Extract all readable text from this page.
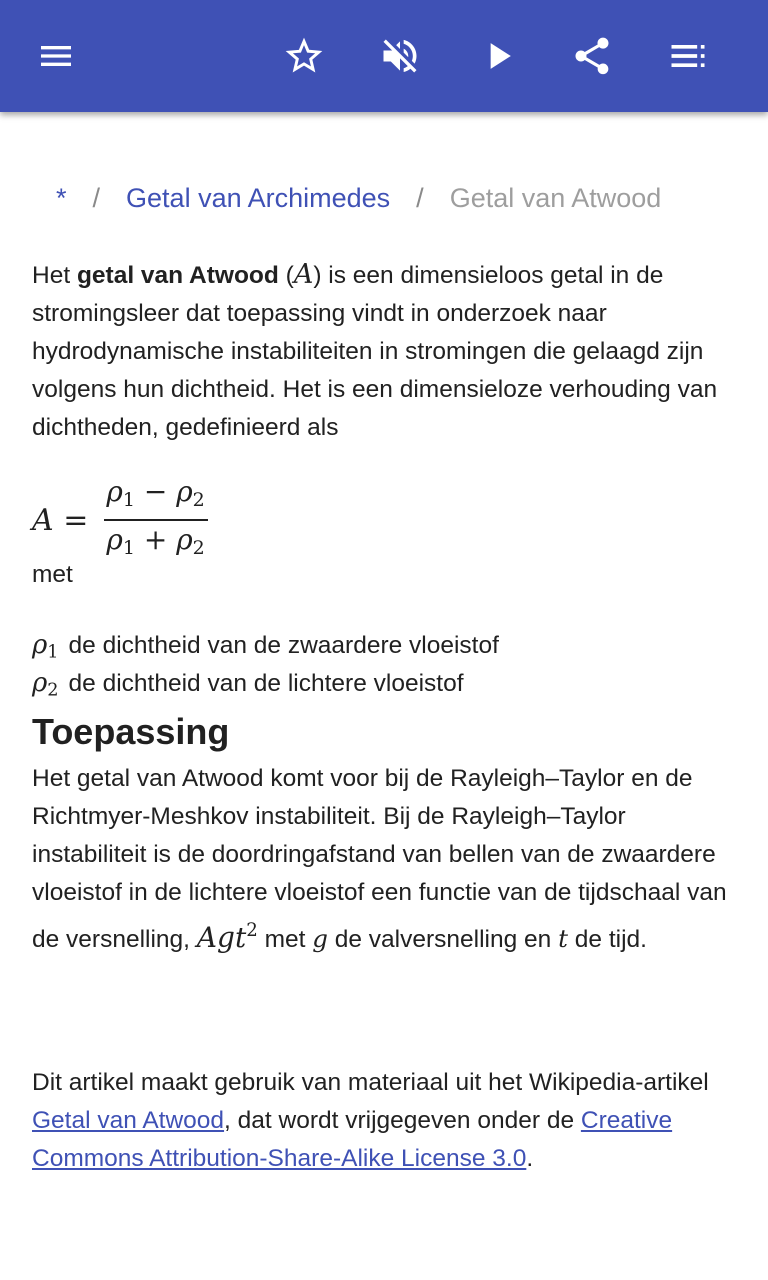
* / Getal van Archimedes / Getal van Atwood
Het getal van Atwood (A) is een dimensieloos getal in de stromingsleer dat toepassing vindt in onderzoek naar hydrodynamische instabiliteiten in stromingen die gelaagd zijn volgens hun dichtheid. Het is een dimensieloze verhouding van dichtheden, gedefinieerd als
$A = \frac{\rho_1 - \rho_2}{\rho_1 + \rho_2}$
met
$\rho_1$ de dichtheid van de zwaardere vloeistof
$\rho_2$ de dichtheid van de lichtere vloeistof
Toepassing
Het getal van Atwood komt voor bij de Rayleigh–Taylor en de Richtmyer-Meshkov instabiliteit. Bij de Rayleigh–Taylor instabiliteit is de doordringafstand van bellen van de zwaardere vloeistof in de lichtere vloeistof een functie van de tijdschaal van de versnelling, Agt$^2$ met g de valversnelling en t de tijd.
Dit artikel maakt gebruik van materiaal uit het Wikipedia-artikel Getal van Atwood, dat wordt vrijgegeven onder de Creative Commons Attribution-Share-Alike License 3.0.
